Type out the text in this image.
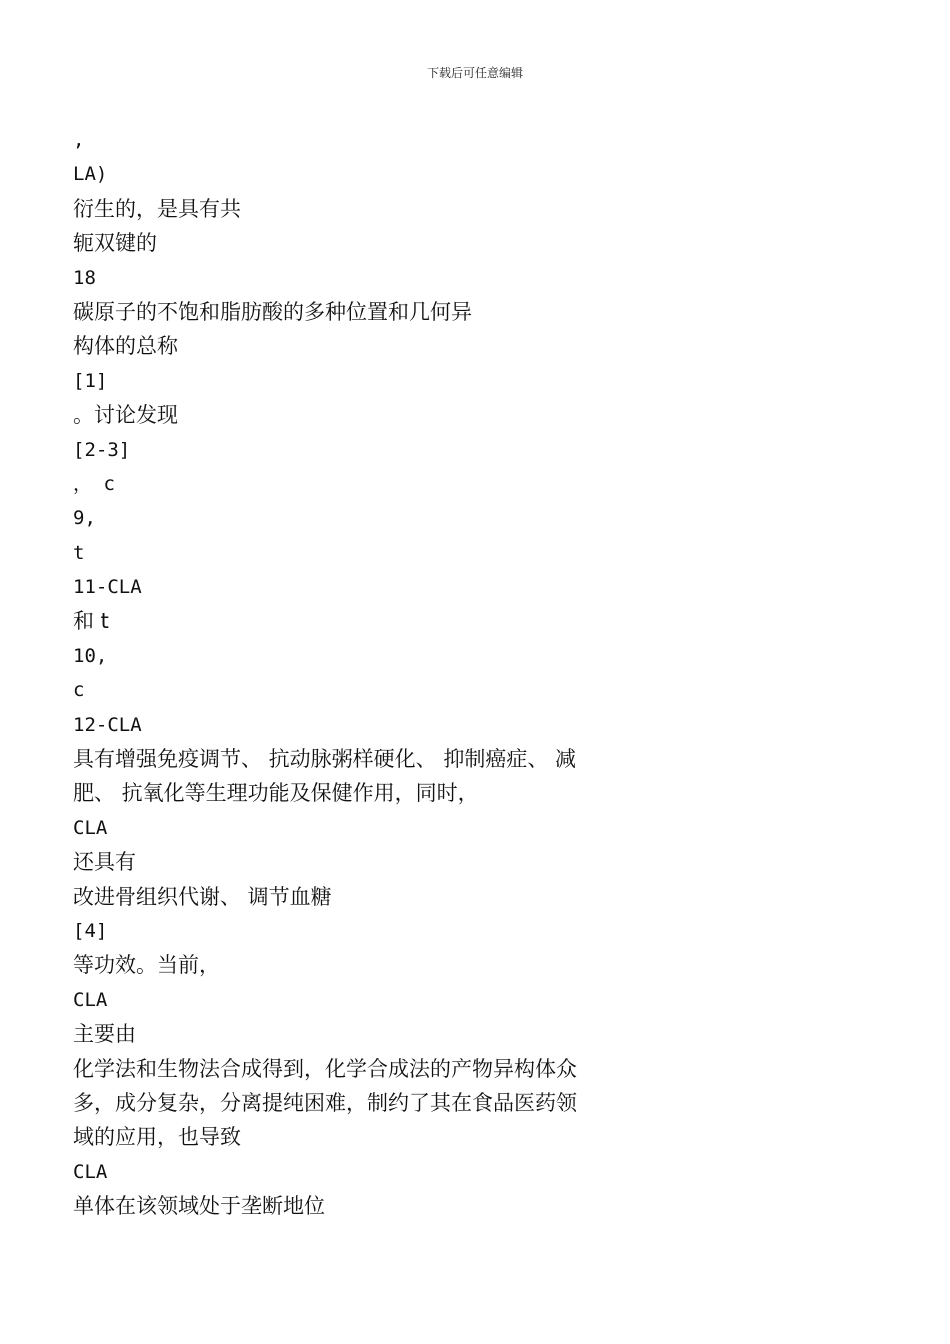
下载后可任意编辑
,
LA)
衍生的，是具有共
轭双键的
18
碳原子的不饱和脂肪酸的多种位置和几何异
构体的总称
[1]
。讨论发现
[2-3]
， c
9,
t
11-CLA
和 t
10,
c
12-CLA
具有增强免疫调节、 抗动脉粥样硬化、 抑制癌症、 减
肥、 抗氧化等生理功能及保健作用，同时，
CLA
还具有
改进骨组织代谢、 调节血糖
[4]
等功效。当前，
CLA
主要由
化学法和生物法合成得到，化学合成法的产物异构体众
多，成分复杂，分离提纯困难，制约了其在食品医药领
域的应用，也导致
CLA
单体在该领域处于垄断地位
